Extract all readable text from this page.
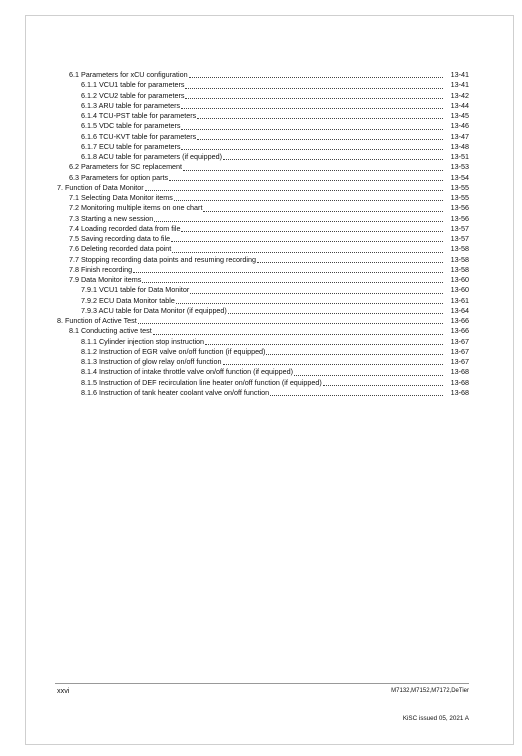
6.1 Parameters for xCU configuration	13-41
6.1.1 VCU1 table for parameters	13-41
6.1.2 VCU2 table for parameters	13-42
6.1.3 ARU table for parameters	13-44
6.1.4 TCU-PST table for parameters	13-45
6.1.5 VDC table for parameters	13-46
6.1.6 TCU-KVT table for parameters	13-47
6.1.7 ECU table for parameters	13-48
6.1.8 ACU table for parameters (if equipped)	13-51
6.2 Parameters for SC replacement	13-53
6.3 Parameters for option parts	13-54
7. Function of Data Monitor	13-55
7.1 Selecting Data Monitor items	13-55
7.2 Monitoring multiple items on one chart	13-56
7.3 Starting a new session	13-56
7.4 Loading recorded data from file	13-57
7.5 Saving recording data to file	13-57
7.6 Deleting recorded data point	13-58
7.7 Stopping recording data points and resuming recording	13-58
7.8 Finish recording	13-58
7.9 Data Monitor items	13-60
7.9.1 VCU1 table for Data Monitor	13-60
7.9.2 ECU Data Monitor table	13-61
7.9.3 ACU table for Data Monitor (if equipped)	13-64
8. Function of Active Test	13-66
8.1 Conducting active test	13-66
8.1.1 Cylinder injection stop instruction	13-67
8.1.2 Instruction of EGR valve on/off function (if equipped)	13-67
8.1.3 Instruction of glow relay on/off function	13-67
8.1.4 Instruction of intake throttle valve on/off function (if equipped)	13-68
8.1.5 Instruction of DEF recirculation line heater on/off function (if equipped)	13-68
8.1.6 Instruction of tank heater coolant valve on/off function	13-68
xxvi	M7132,M7152,M7172,DeTier
KiSC issued 05, 2021 A
